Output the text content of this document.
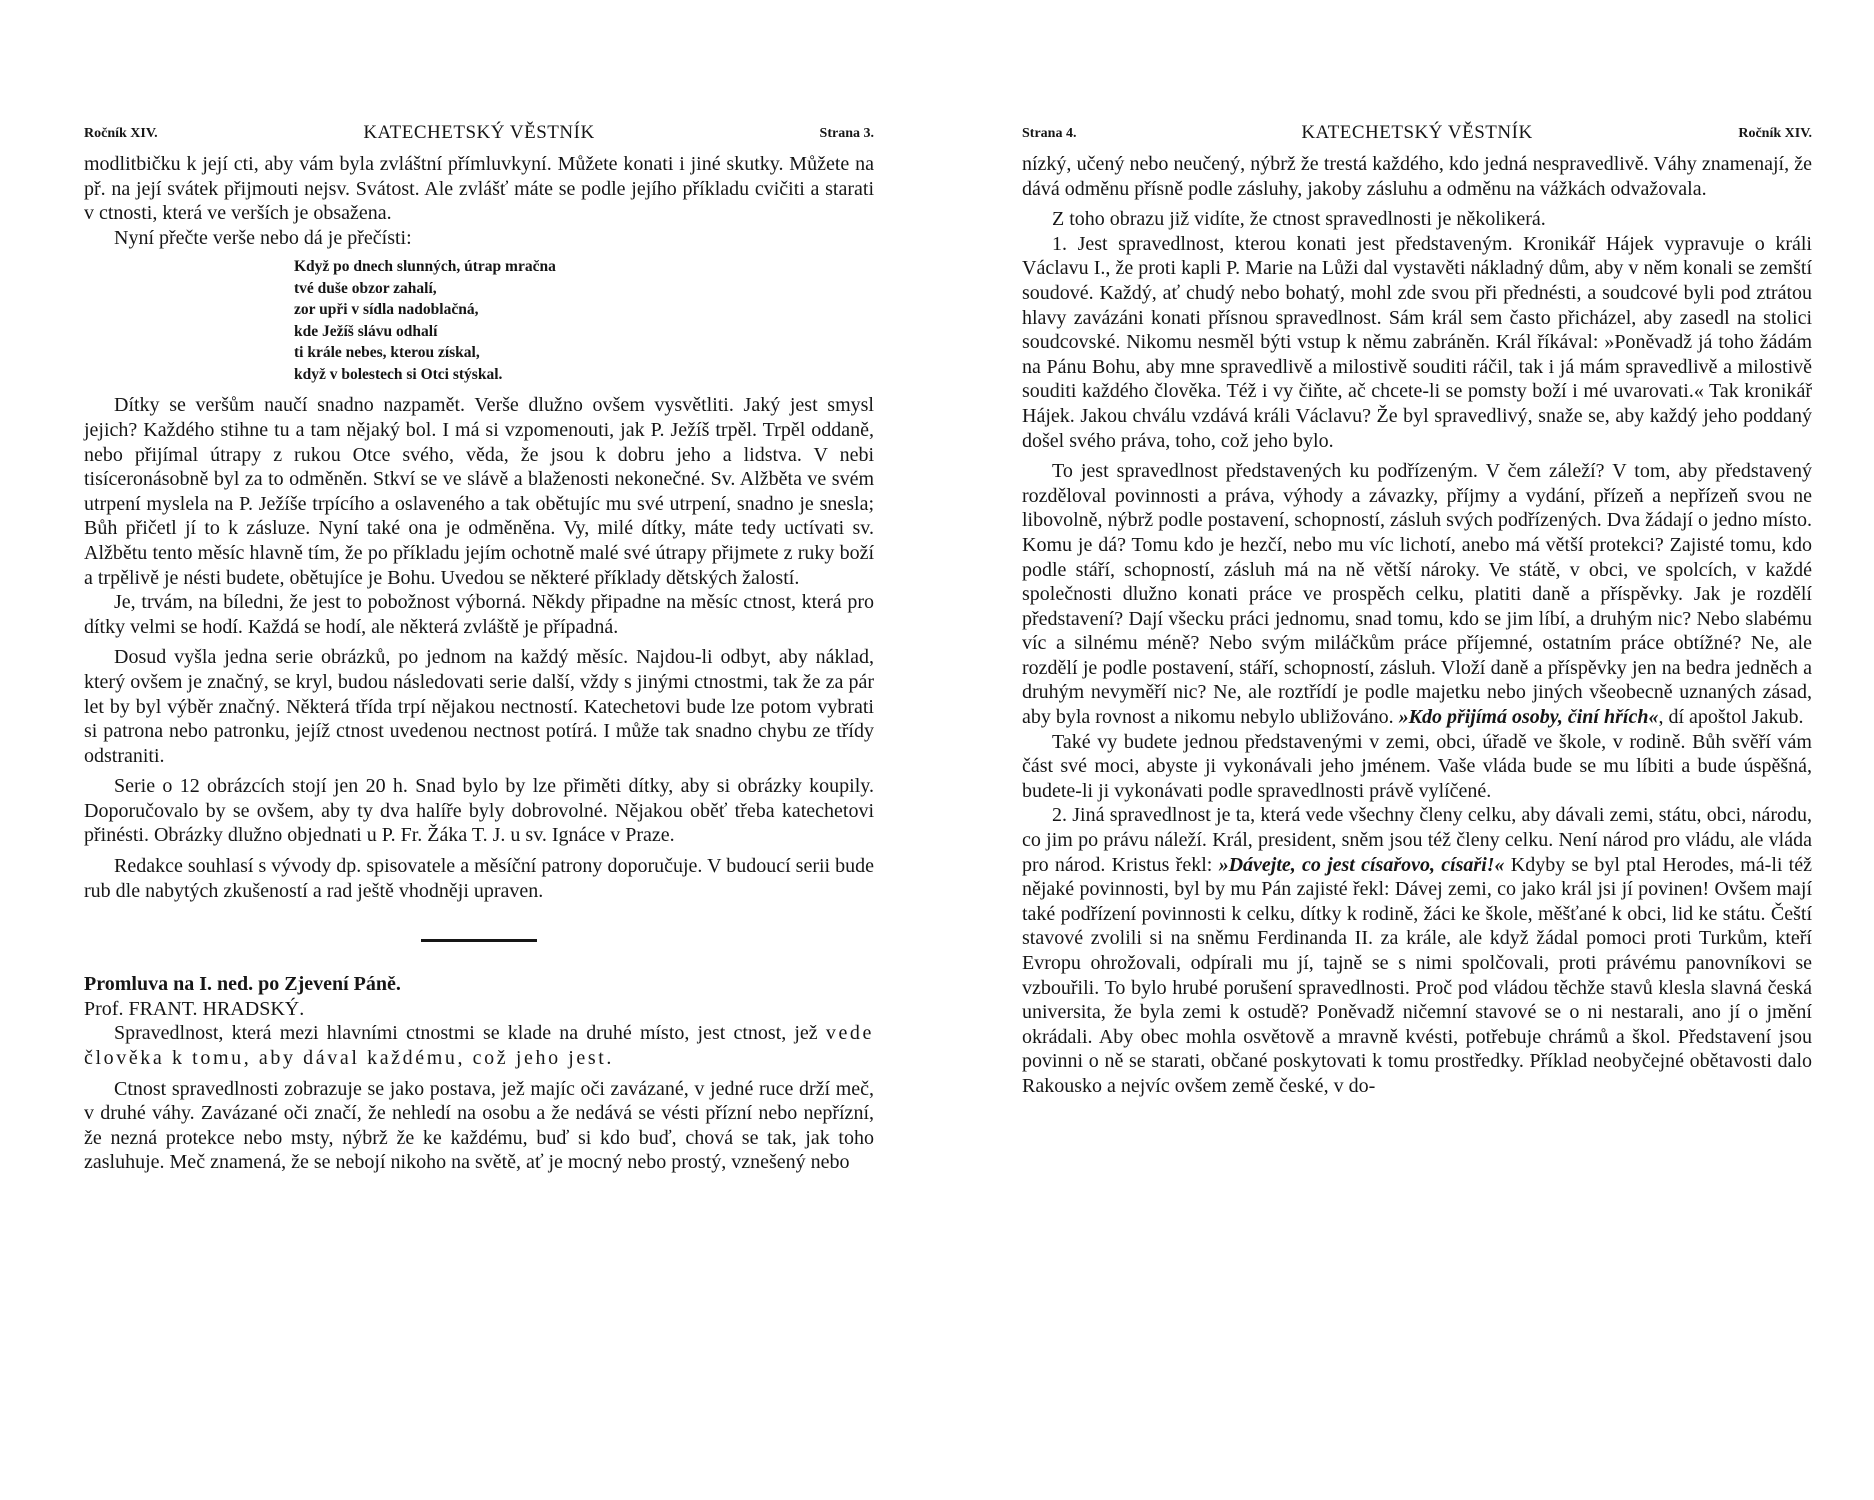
Ročník XIV.	KATECHETSKÝ VĚSTNÍK	Strana 3.

modlitbičku k její cti, aby vám byla zvláštní přímluvkyní. Můžete konati i jiné skutky. Můžete na př. na její svátek přijmouti nejsv. Svátost. Ale zvlášť máte se podle jejího příkladu cvičiti a starati v ctnosti, která ve verších je obsažena.

Nyní přečte verše nebo dá je přečísti:

Když po dnech slunných, útrap mračna
tvé duše obzor zahalí,
zor upři v sídla nadoblačná,
kde Ježíš slávu odhalí
ti krále nebes, kterou získal,
když v bolestech si Otci stýskal.

Dítky se veršům naučí snadno nazpamět. Verše dlužno ovšem vysvětliti. Jaký jest smysl jejich? Každého stihne tu a tam nějaký bol. I má si vzpomenouti, jak P. Ježíš trpěl. Trpěl oddaně, nebo přijímal útrapy z rukou Otce svého, věda, že jsou k dobru jeho a lidstva. V nebi tisíceronásobně byl za to odměněn. Stkví se ve slávě a blaženosti nekonečné. Sv. Alžběta ve svém utrpení myslela na P. Ježíše trpícího a oslaveného a tak obětujíc mu své utrpení, snadno je snesla; Bůh přičetl jí to k zásluze. Nyní také ona je odměněna. Vy, milé dítky, máte tedy uctívati sv. Alžbětu tento měsíc hlavně tím, že po příkladu jejím ochotně malé své útrapy přijmete z ruky boží a trpělivě je nésti budete, obětujíce je Bohu. Uvedou se některé příklady dětských žalostí.

Je, trvám, na bíledni, že jest to pobožnost výborná. Někdy připadne na měsíc ctnost, která pro dítky velmi se hodí. Každá se hodí, ale některá zvláště je případná.

Dosud vyšla jedna serie obrázků, po jednom na každý měsíc. Najdou-li odbyt, aby náklad, který ovšem je značný, se kryl, budou následovati serie další, vždy s jinými ctnostmi, tak že za pár let by byl výběr značný. Některá třída trpí nějakou nectností. Katechetovi bude lze potom vybrati si patrona nebo patronku, jejíž ctnost uvedenou nectnost potírá. I může tak snadno chybu ze třídy odstraniti.

Serie o 12 obrázcích stojí jen 20 h. Snad bylo by lze přiměti dítky, aby si obrázky koupily. Doporučovalo by se ovšem, aby ty dva halíře byly dobrovolné. Nějakou oběť třeba katechetovi přinésti. Obrázky dlužno objednati u P. Fr. Žáka T. J. u sv. Ignáce v Praze.

Redakce souhlasí s vývody dp. spisovatele a měsíční patrony doporučuje. V budoucí serii bude rub dle nabytých zkušeností a rad ještě vhodněji upraven.

Promluva na I. ned. po Zjevení Páně.

Prof. FRANT. HRADSKÝ.

Spravedlnost, která mezi hlavními ctnostmi se klade na druhé místo, jest ctnost, jež vede člověka k tomu, aby dával každému, což jeho jest.

Ctnost spravedlnosti zobrazuje se jako postava, jež majíc oči zavázané, v jedné ruce drží meč, v druhé váhy. Zavázané oči značí, že nehledí na osobu a že nedává se vésti přízní nebo nepřízní, že nezná protekce nebo msty, nýbrž že ke každému, buď si kdo buď, chová se tak, jak toho zasluhuje. Meč znamená, že se nebojí nikoho na světě, ať je mocný nebo prostý, vznešený nebo

Strana 4.	KATECHETSKÝ VĚSTNÍK	Ročník XIV.

nízký, učený nebo neučený, nýbrž že trestá každého, kdo jedná nespravedlivě. Váhy znamenají, že dává odměnu přísně podle zásluhy, jakoby zásluhu a odměnu na vážkách odvažovala.

Z toho obrazu již vidíte, že ctnost spravedlnosti je několikerá.

1. Jest spravedlnost, kterou konati jest představeným. Kronikář Hájek vypravuje o králi Václavu I., že proti kapli P. Marie na Lůži dal vystavěti nákladný dům, aby v něm konali se zemští soudové. Každý, ať chudý nebo bohatý, mohl zde svou při přednésti, a soudcové byli pod ztrátou hlavy zavázáni konati přísnou spravedlnost. Sám král sem často přicházel, aby zasedl na stolici soudcovské. Nikomu nesměl býti vstup k němu zabráněn. Král říkával: »Poněvadž já toho žádám na Pánu Bohu, aby mne spravedlivě a milostivě souditi ráčil, tak i já mám spravedlivě a milostivě souditi každého člověka. Též i vy čiňte, ač chcete-li se pomsty boží i mé uvarovati.« Tak kronikář Hájek. Jakou chválu vzdává králi Václavu? Že byl spravedlivý, snaže se, aby každý jeho poddaný došel svého práva, toho, což jeho bylo.

To jest spravedlnost představených ku podřízeným. V čem záleží? V tom, aby představený rozděloval povinnosti a práva, výhody a závazky, příjmy a vydání, přízeň a nepřízeň svou ne libovolně, nýbrž podle postavení, schopností, zásluh svých podřízených. Dva žádají o jedno místo. Komu je dá? Tomu kdo je hezčí, nebo mu víc lichotí, anebo má větší protekci? Zajisté tomu, kdo podle stáří, schopností, zásluh má na ně větší nároky. Ve státě, v obci, ve spolcích, v každé společnosti dlužno konati práce ve prospěch celku, platiti daně a příspěvky. Jak je rozdělí představení? Dají všecku práci jednomu, snad tomu, kdo se jim líbí, a druhým nic? Nebo slabému víc a silnému méně? Nebo svým miláčkům práce příjemné, ostatním práce obtížné? Ne, ale rozdělí je podle postavení, stáří, schopností, zásluh. Vloží daně a příspěvky jen na bedra jedněch a druhým nevyměří nic? Ne, ale roztřídí je podle majetku nebo jiných všeobecně uznaných zásad, aby byla rovnost a nikomu nebylo ubližováno. »Kdo přijímá osoby, činí hřích«, dí apoštol Jakub.

Také vy budete jednou představenými v zemi, obci, úřadě ve škole, v rodině. Bůh svěří vám část své moci, abyste ji vykonávali jeho jménem. Vaše vláda bude se mu líbiti a bude úspěšná, budete-li ji vykonávati podle spravedlnosti právě vylíčené.

2. Jiná spravedlnost je ta, která vede všechny členy celku, aby dávali zemi, státu, obci, národu, co jim po právu náleží. Král, president, sněm jsou též členy celku. Není národ pro vládu, ale vláda pro národ. Kristus řekl: »Dávejte, co jest císařovo, císaři!« Kdyby se byl ptal Herodes, má-li též nějaké povinnosti, byl by mu Pán zajisté řekl: Dávej zemi, co jako král jsi jí povinen! Ovšem mají také podřízení povinnosti k celku, dítky k rodině, žáci ke škole, měšťané k obci, lid ke státu. Čeští stavové zvolili si na sněmu Ferdinanda II. za krále, ale když žádal pomoci proti Turkům, kteří Evropu ohrožovali, odpírali mu jí, tajně se s nimi spolčovali, proti právému panovníkovi se vzbouřili. To bylo hrubé porušení spravedlnosti. Proč pod vládou těchže stavů klesla slavná česká universita, že byla zemi k ostudě? Poněvadž ničemní stavové se o ni nestarali, ano jí o jmění okrádali. Aby obec mohla osvětově a mravně kvésti, potřebuje chrámů a škol. Představení jsou povinni o ně se starati, občané poskytovati k tomu prostředky. Příklad neobyčejné obětavosti dalo Rakousko a nejvíc ovšem země české, v do-
